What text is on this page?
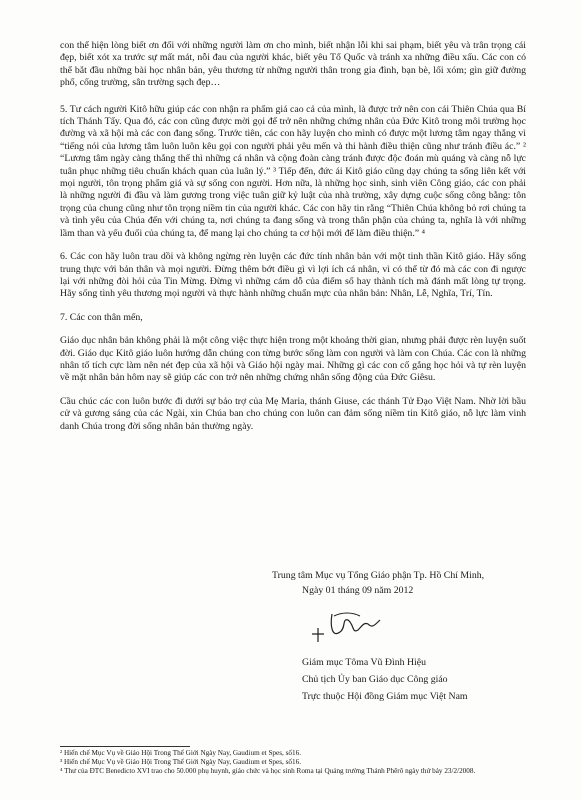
con thể hiện lòng biết ơn đối với những người làm ơn cho mình, biết nhận lỗi khi sai phạm, biết yêu và trân trọng cái đẹp, biết xót xa trước sự mất mát, nỗi đau của người khác, biết yêu Tổ Quốc và tránh xa những điều xấu. Các con có thể bắt đầu những bài học nhân bản, yêu thương từ những người thân trong gia đình, bạn bè, lối xóm; gìn giữ đường phố, cống trường, sân trường sạch đẹp…

5. Tư cách người Kitô hữu giúp các con nhận ra phẩm giá cao cả của mình, là được trở nên con cái Thiên Chúa qua Bí tích Thánh Tẩy. Qua đó, các con cũng được mời gọi để trở nên những chứng nhân của Đức Kitô trong môi trường học đường và xã hội mà các con đang sống. Trước tiên, các con hãy luyện cho mình có được một lương tâm ngay thẳng vì “tiếng nói của lương tâm luôn luôn kêu gọi con người phải yêu mến và thi hành điều thiện cũng như tránh điều ác.” ² “Lương tâm ngày càng thắng thế thì những cá nhân và cộng đoàn càng tránh được độc đoán mù quáng và càng nỗ lực tuân phục những tiêu chuẩn khách quan của luân lý.” ³ Tiếp đến, đức ái Kitô giáo cũng dạy chúng ta sống liên kết với mọi người, tôn trọng phẩm giá và sự sống con người. Hơn nữa, là những học sinh, sinh viên Công giáo, các con phải là những người đi đầu và làm gương trong việc tuân giữ kỷ luật của nhà trường, xây dựng cuộc sống công bằng: tôn trọng của chung cũng như tôn trọng niềm tin của người khác. Các con hãy tin rằng “Thiên Chúa không bỏ rơi chúng ta và tình yêu của Chúa đến với chúng ta, nơi chúng ta đang sống và trong thân phận của chúng ta, nghĩa là với những lầm than và yếu đuối của chúng ta, để mang lại cho chúng ta cơ hội mới để làm điều thiện.” ⁴

6. Các con hãy luôn trau dồi và không ngừng rèn luyện các đức tính nhân bản với một tinh thần Kitô giáo. Hãy sống trung thực với bản thân và mọi người. Đừng thêm bớt điều gì vì lợi ích cá nhân, vì có thể từ đó mà các con đi ngược lại với những đòi hỏi của Tin Mừng. Đừng vì những cám dỗ của điểm số hay thành tích mà đánh mất lòng tự trọng. Hãy sống tình yêu thương mọi người và thực hành những chuẩn mực của nhân bản: Nhân, Lễ, Nghĩa, Trí, Tín.

7. Các con thân mến,

Giáo dục nhân bản không phải là một công việc thực hiện trong một khoảng thời gian, nhưng phải được rèn luyện suốt đời. Giáo dục Kitô giáo luôn hướng dẫn chúng con từng bước sống làm con người và làm con Chúa. Các con là những nhân tố tích cực làm nên nét đẹp của xã hội và Giáo hội ngày mai. Những gì các con cố gắng học hỏi và tự rèn luyện về mặt nhân bản hôm nay sẽ giúp các con trở nên những chứng nhân sống động của Đức Giêsu.

Cầu chúc các con luôn bước đi dưới sự bảo trợ của Mẹ Maria, thánh Giuse, các thánh Tử Đạo Việt Nam. Nhờ lời bầu cử và gương sáng của các Ngài, xin Chúa ban cho chúng con luôn can đảm sống niềm tin Kitô giáo, nỗ lực làm vinh danh Chúa trong đời sống nhân bản thường ngày.

Trung tâm Mục vụ Tổng Giáo phận Tp. Hồ Chí Minh,
Ngày 01 tháng 09 năm 2012
Giám mục Tôma Vũ Đình Hiệu
Chủ tịch Ủy ban Giáo dục Công giáo
Trực thuộc Hội đồng Giám mục Việt Nam
² Hiến chế Mục Vụ về Giáo Hội Trong Thế Giới Ngày Nay, Gaudium et Spes, số16.
³ Hiến chế Mục Vụ về Giáo Hội Trong Thế Giới Ngày Nay, Gaudium et Spes, số16.
⁴ Thư của ĐTC Benedicto XVI trao cho 50.000 phụ huynh, giáo chức và học sinh Roma tại Quảng trường Thánh Phêrô ngày thứ bảy 23/2/2008.
